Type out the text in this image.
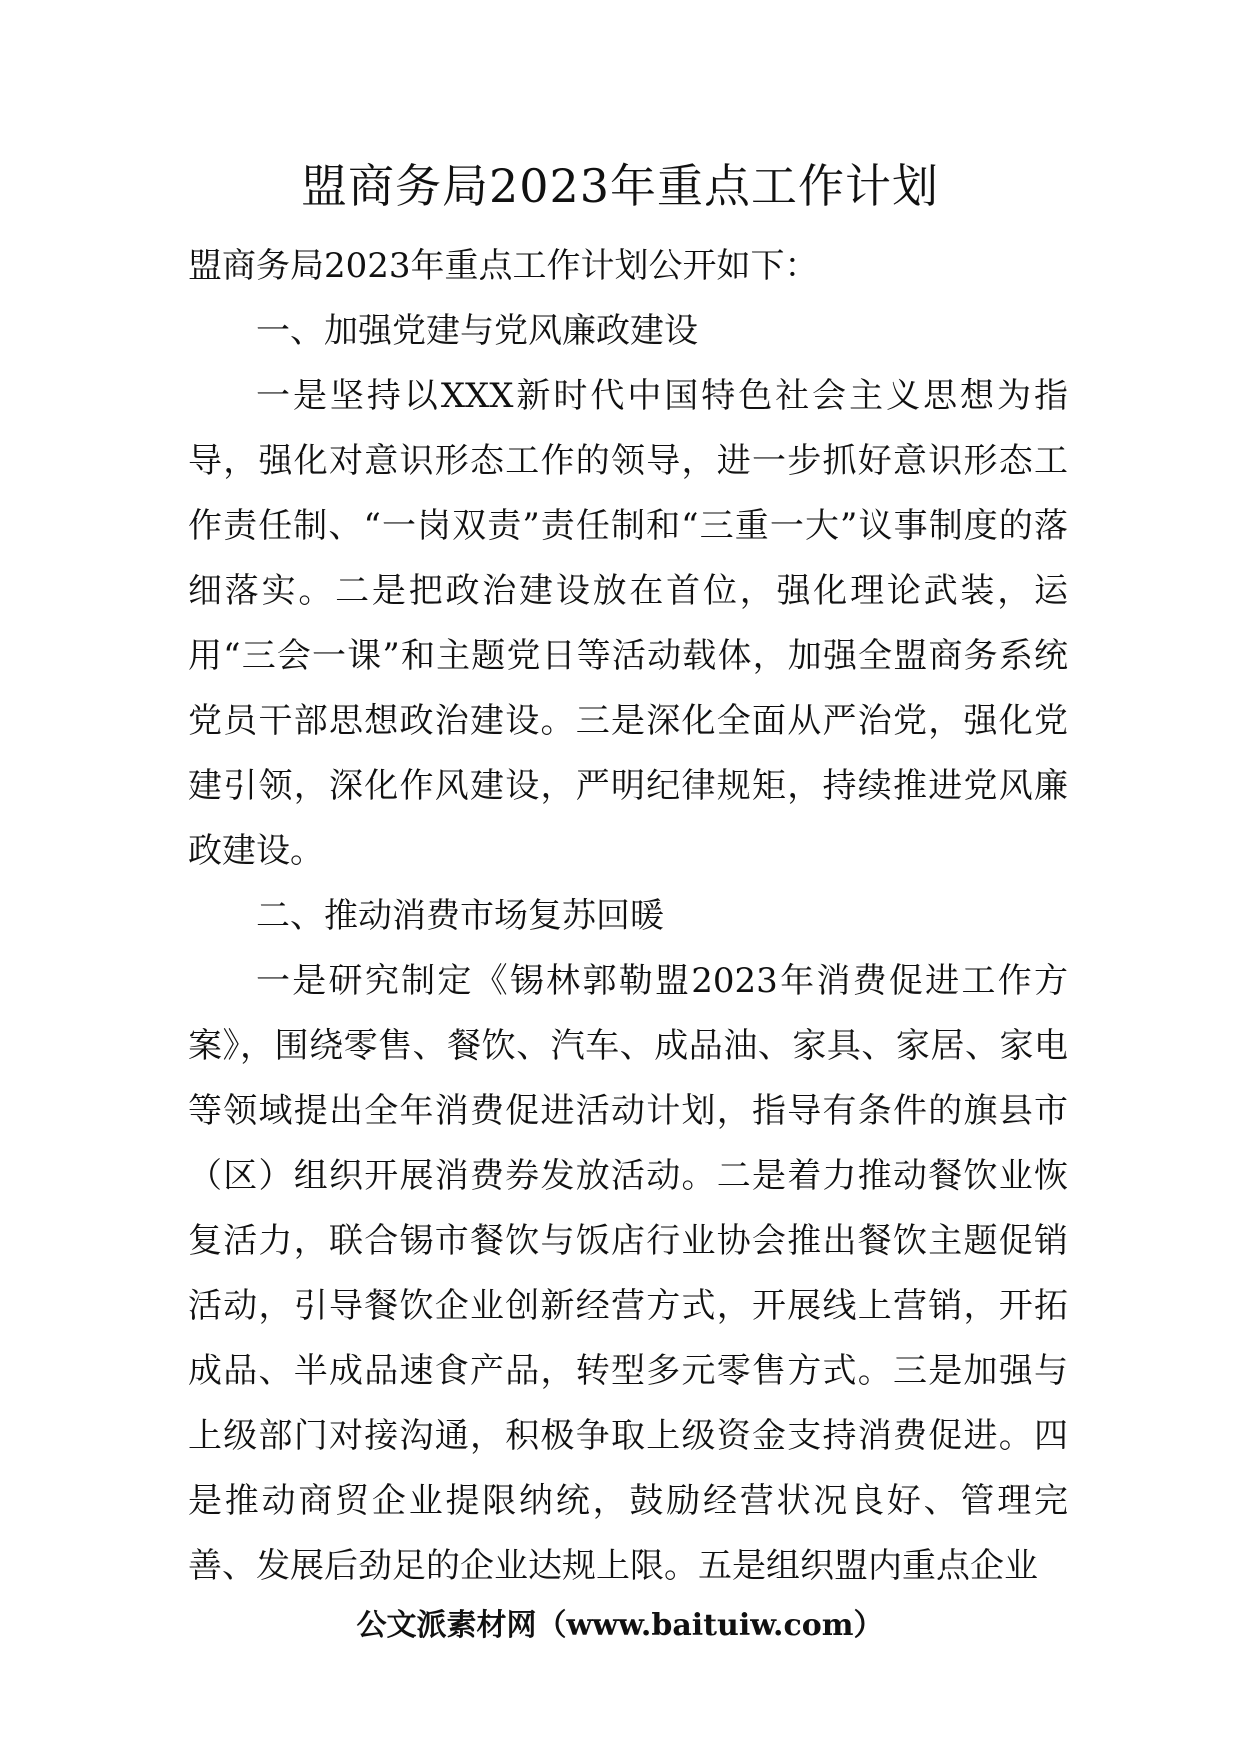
盟商务局2023年重点工作计划

盟商务局2023年重点工作计划公开如下：

一、加强党建与党风廉政建设

一是坚持以XXX新时代中国特色社会主义思想为指导，强化对意识形态工作的领导，进一步抓好意识形态工作责任制、“一岗双责”责任制和“三重一大”议事制度的落细落实。二是把政治建设放在首位，强化理论武装，运用“三会一课”和主题党日等活动载体，加强全盟商务系统党员干部思想政治建设。三是深化全面从严治党，强化党建引领，深化作风建设，严明纪律规矩，持续推进党风廉政建设。

二、推动消费市场复苏回暖

一是研究制定《锡林郭勒盟2023年消费促进工作方案》，围绕零售、餐饮、汽车、成品油、家具、家居、家电等领域提出全年消费促进活动计划，指导有条件的旗县市（区）组织开展消费券发放活动。二是着力推动餐饮业恢复活力，联合锡市餐饮与饭店行业协会推出餐饮主题促销活动，引导餐饮企业创新经营方式，开展线上营销，开拓成品、半成品速食产品，转型多元零售方式。三是加强与上级部门对接沟通，积极争取上级资金支持消费促进。四是推动商贸企业提限纳统，鼓励经营状况良好、管理完善、发展后劲足的企业达规上限。五是组织盟内重点企业

公文派素材网（www.baituiw.com）
